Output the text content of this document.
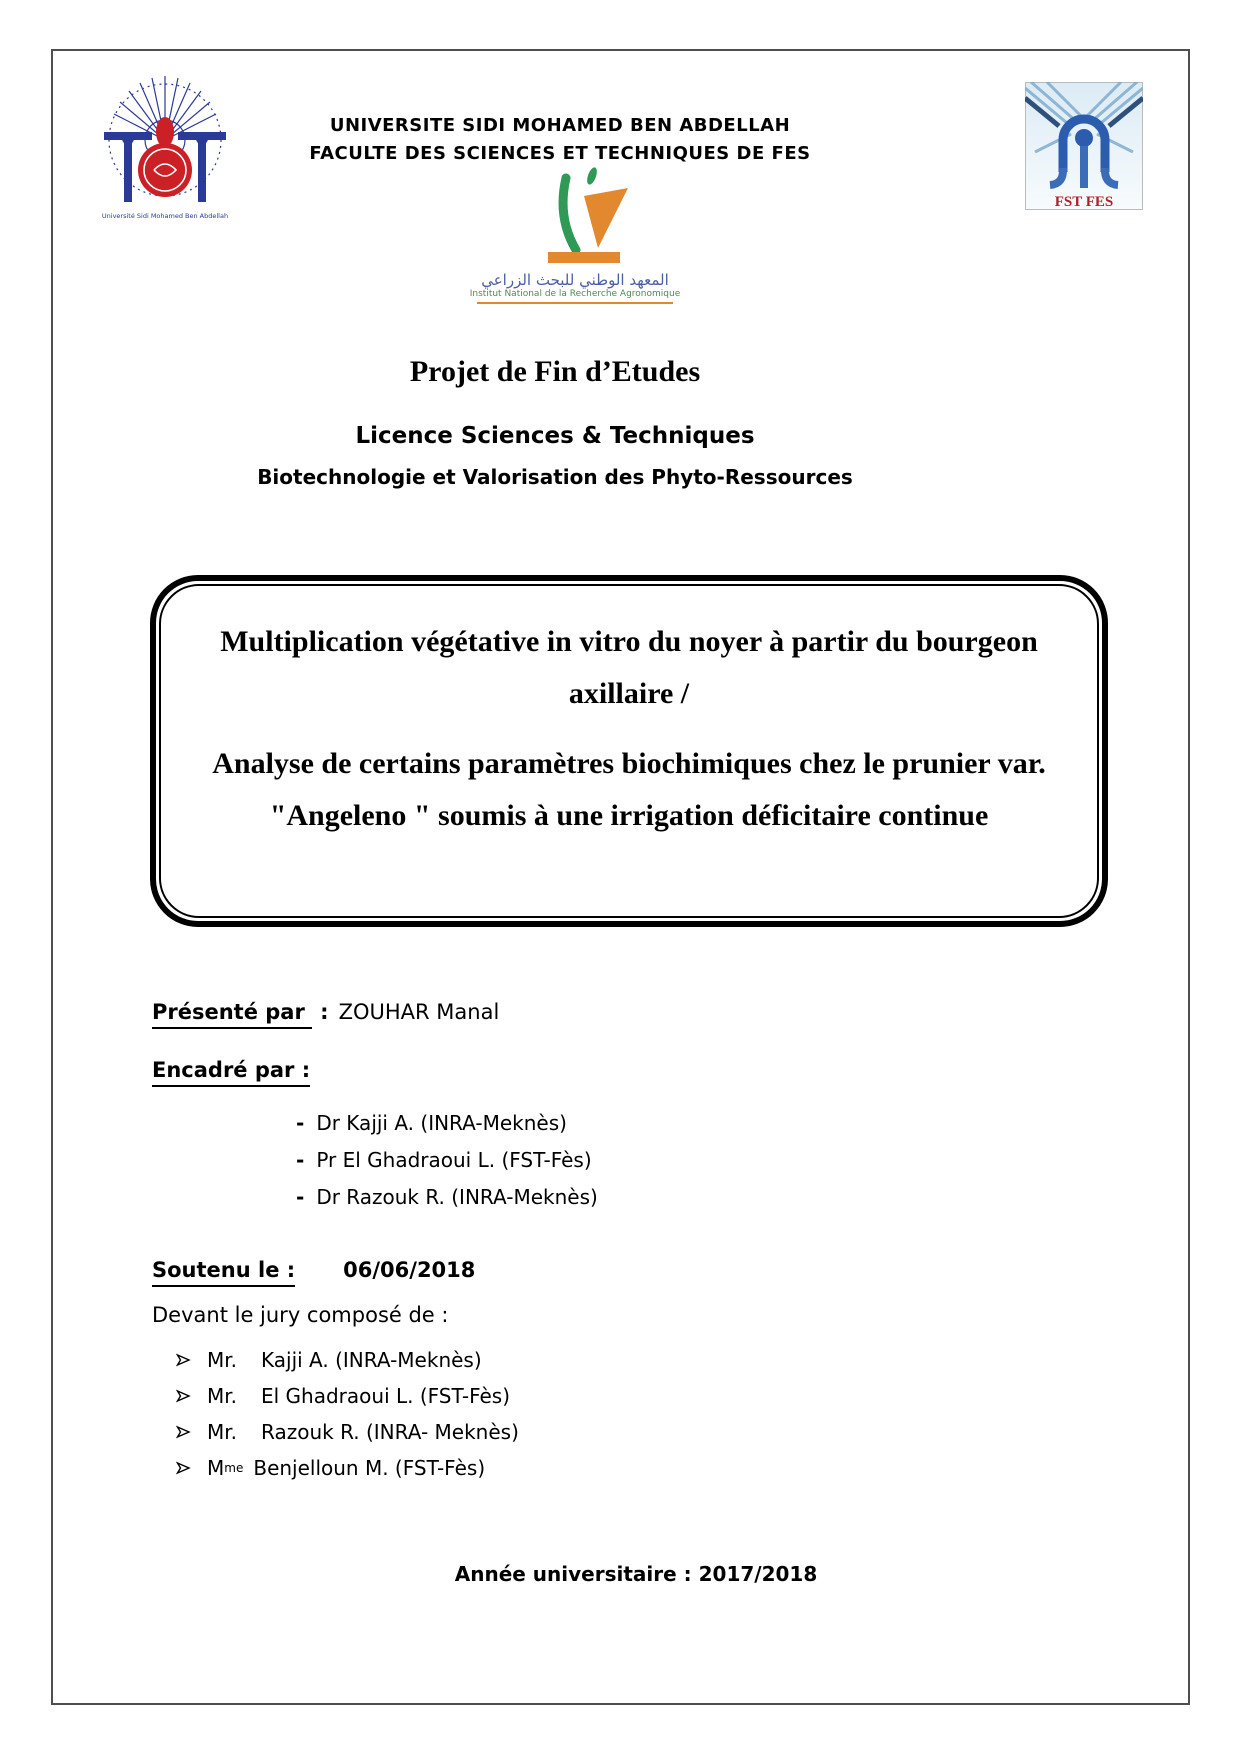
Université Sidi Mohamed Ben Abdellah
UNIVERSITE SIDI MOHAMED BEN ABDELLAH
FACULTE DES SCIENCES ET TECHNIQUES DE FES
FST FES
المعهد الوطني للبحث الزراعي
Institut National de la Recherche Agronomique
Projet de Fin d’Etudes
Licence Sciences & Techniques
Biotechnologie et Valorisation des Phyto-Ressources
Multiplication végétative in vitro du noyer à partir du bourgeon axillaire /
Analyse de certains paramètres biochimiques chez le prunier var. "Angeleno " soumis à une irrigation déficitaire continue
Présenté par : ZOUHAR Manal
Encadré par :
- Dr Kajji A. (INRA-Meknès)
- Pr El Ghadraoui L. (FST-Fès)
- Dr Razouk R. (INRA-Meknès)
Soutenu le : 06/06/2018
Devant le jury composé de :
Mr. Kajji A. (INRA-Meknès)
Mr. El Ghadraoui L. (FST-Fès)
Mr. Razouk R. (INRA- Meknès)
M me Benjelloun M. (FST-Fès)
Année universitaire : 2017/2018
